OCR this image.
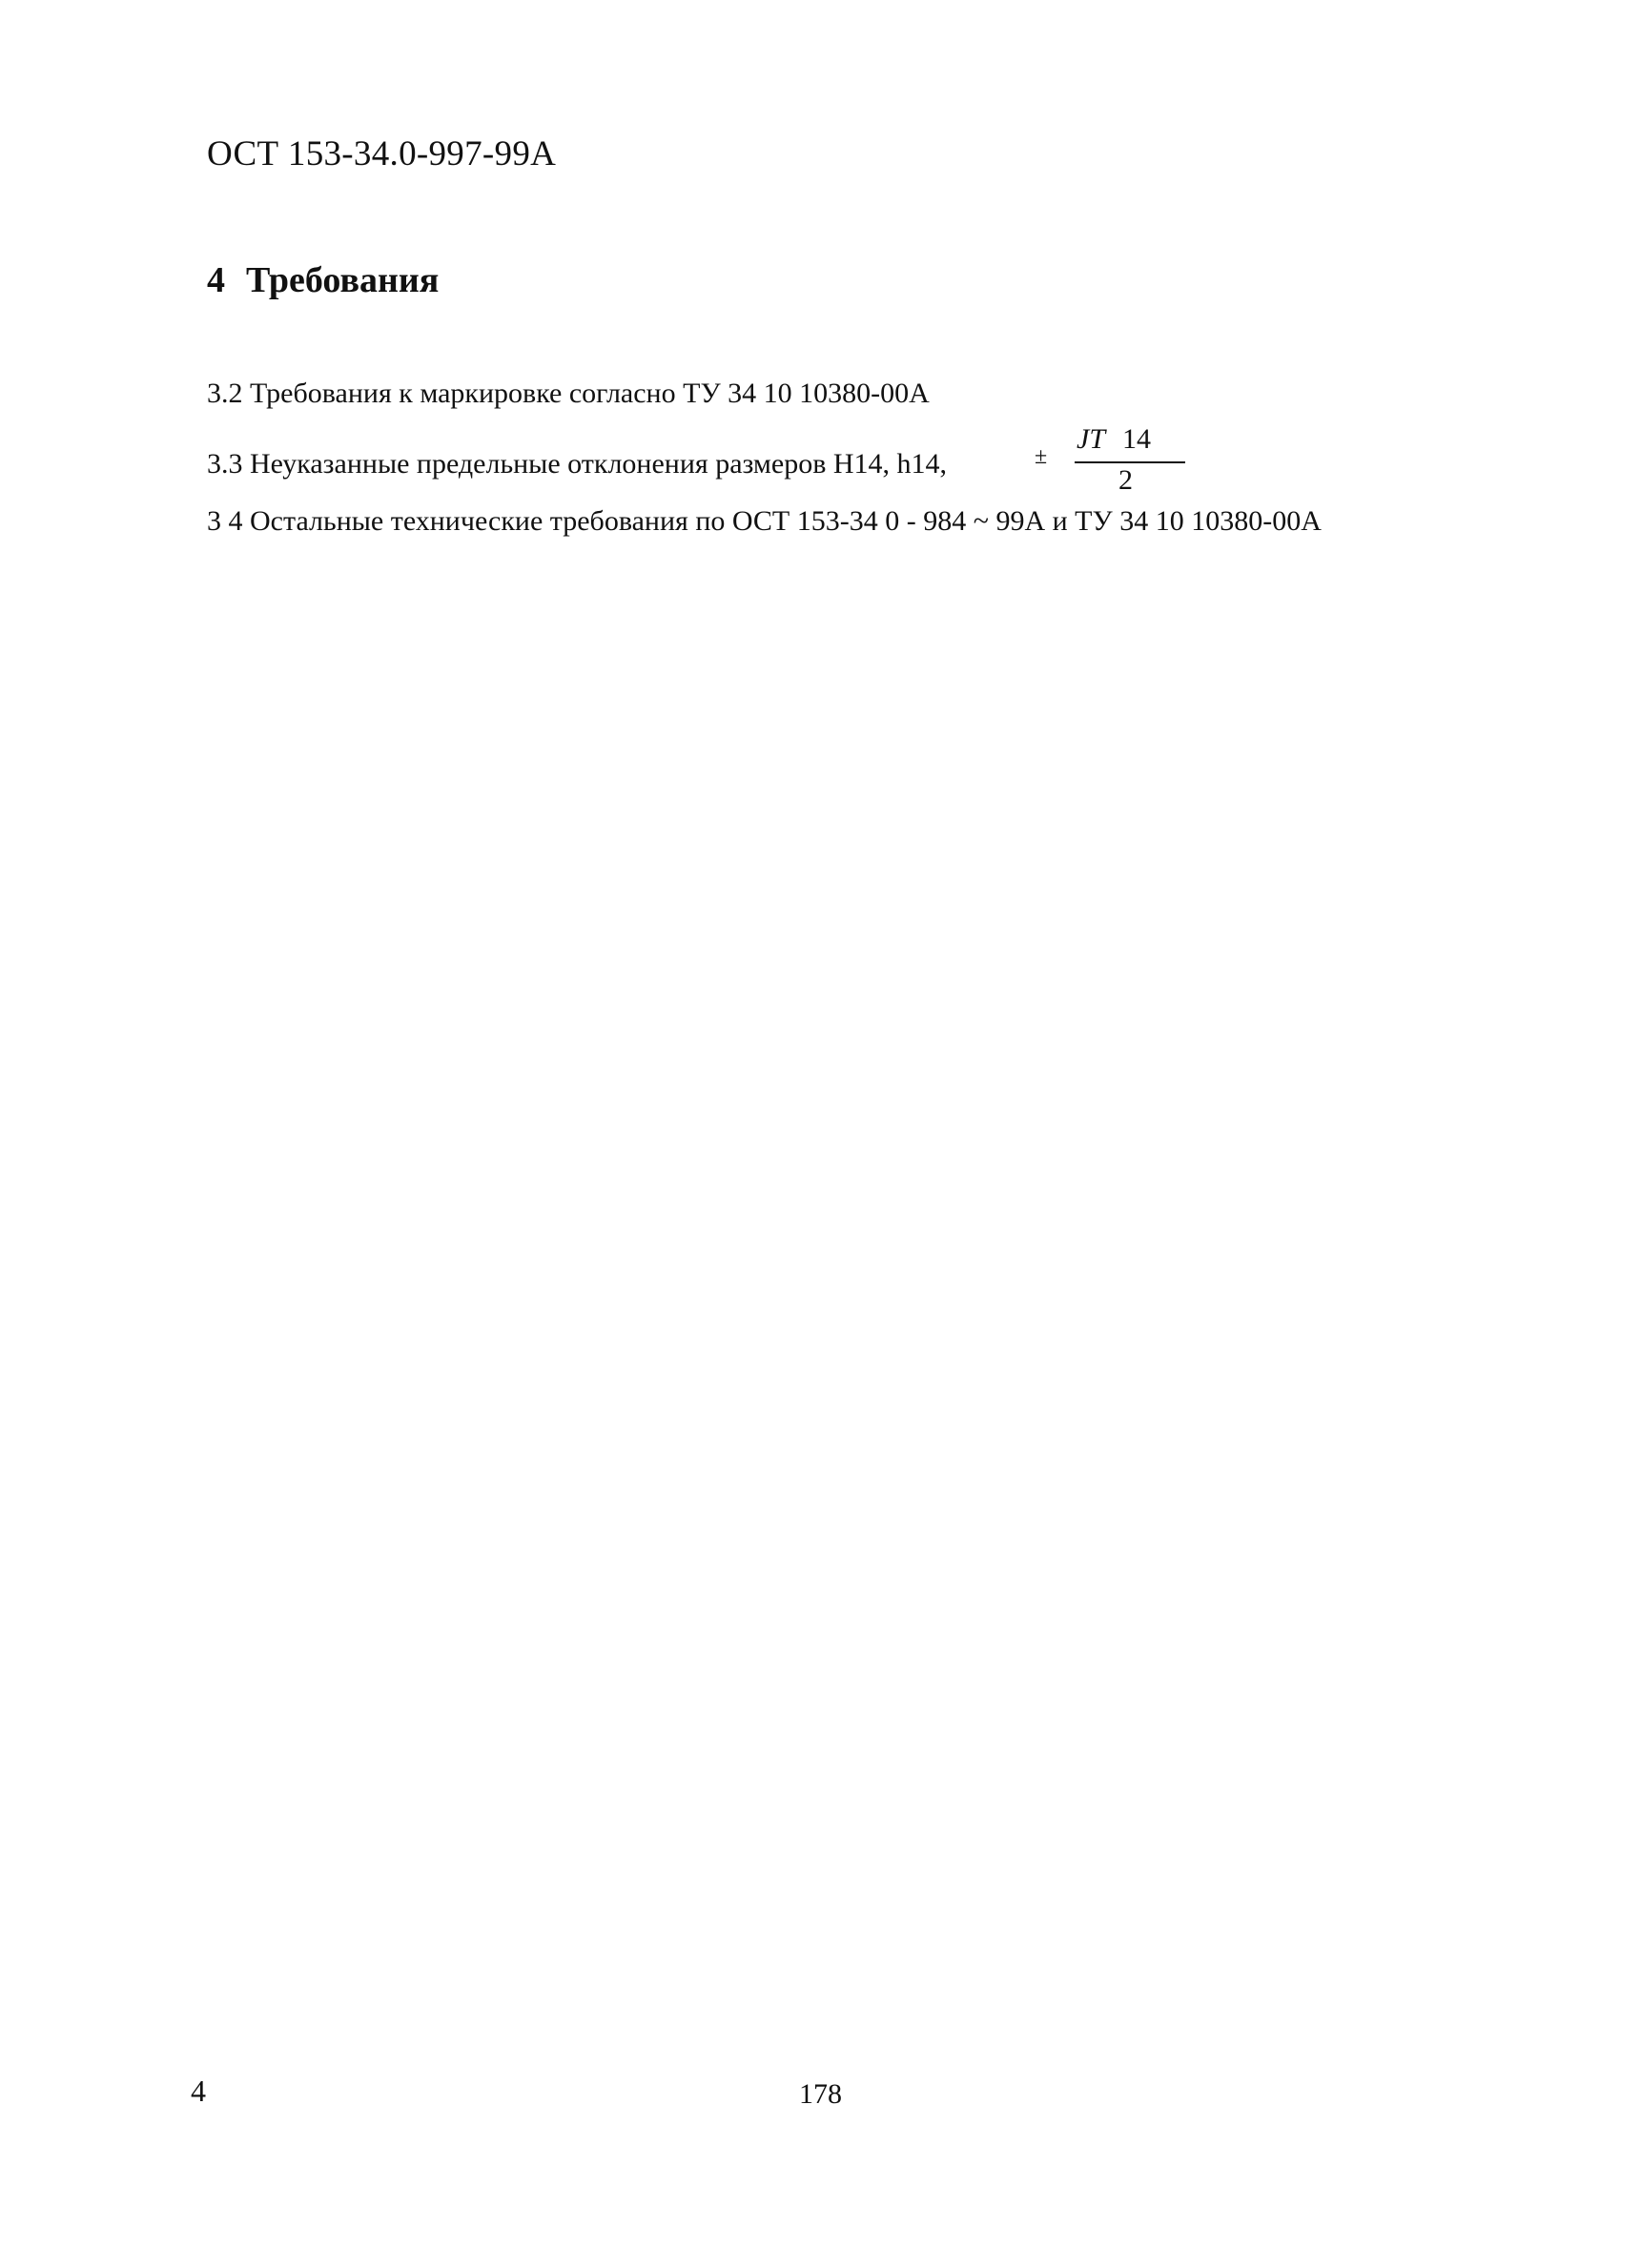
ОСТ 153-34.0-997-99А
4 Требования
3.2 Требования к маркировке согласно ТУ 34 10 10380-00А
3.3 Неуказанные предельные отклонения размеров H14, h14,	±
JT 14
2
3 4 Остальные технические требования по ОСТ 153-34 0 - 984 ~ 99А и ТУ 34 10 10380-00А
4	178
